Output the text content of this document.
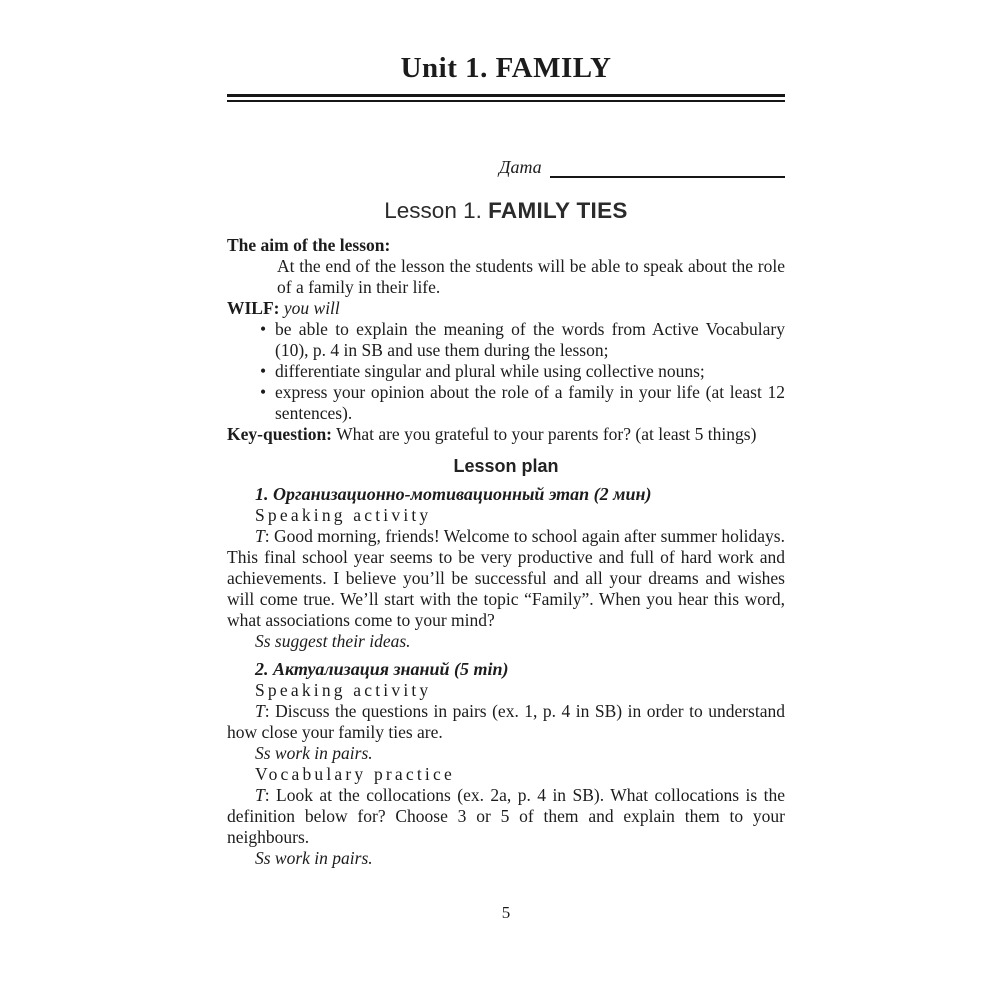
Unit 1. FAMILY
Дата
Lesson 1. FAMILY TIES
The aim of the lesson:
At the end of the lesson the students will be able to speak about the role of a family in their life.
WILF: you will
• be able to explain the meaning of the words from Active Vocabulary (10), p. 4 in SB and use them during the lesson;
• differentiate singular and plural while using collective nouns;
• express your opinion about the role of a family in your life (at least 12 sentences).
Key-question: What are you grateful to your parents for? (at least 5 things)
Lesson plan
1. Организационно-мотивационный этап (2 мин)
Speaking activity
T: Good morning, friends! Welcome to school again after summer holidays. This final school year seems to be very productive and full of hard work and achievements. I believe you’ll be successful and all your dreams and wishes will come true. We’ll start with the topic “Family”. When you hear this word, what associations come to your mind?
Ss suggest their ideas.
2. Актуализация знаний (5 min)
Speaking activity
T: Discuss the questions in pairs (ex. 1, p. 4 in SB) in order to understand how close your family ties are.
Ss work in pairs.
Vocabulary practice
T: Look at the collocations (ex. 2a, p. 4 in SB). What collocations is the definition below for? Choose 3 or 5 of them and explain them to your neighbours.
Ss work in pairs.
5
